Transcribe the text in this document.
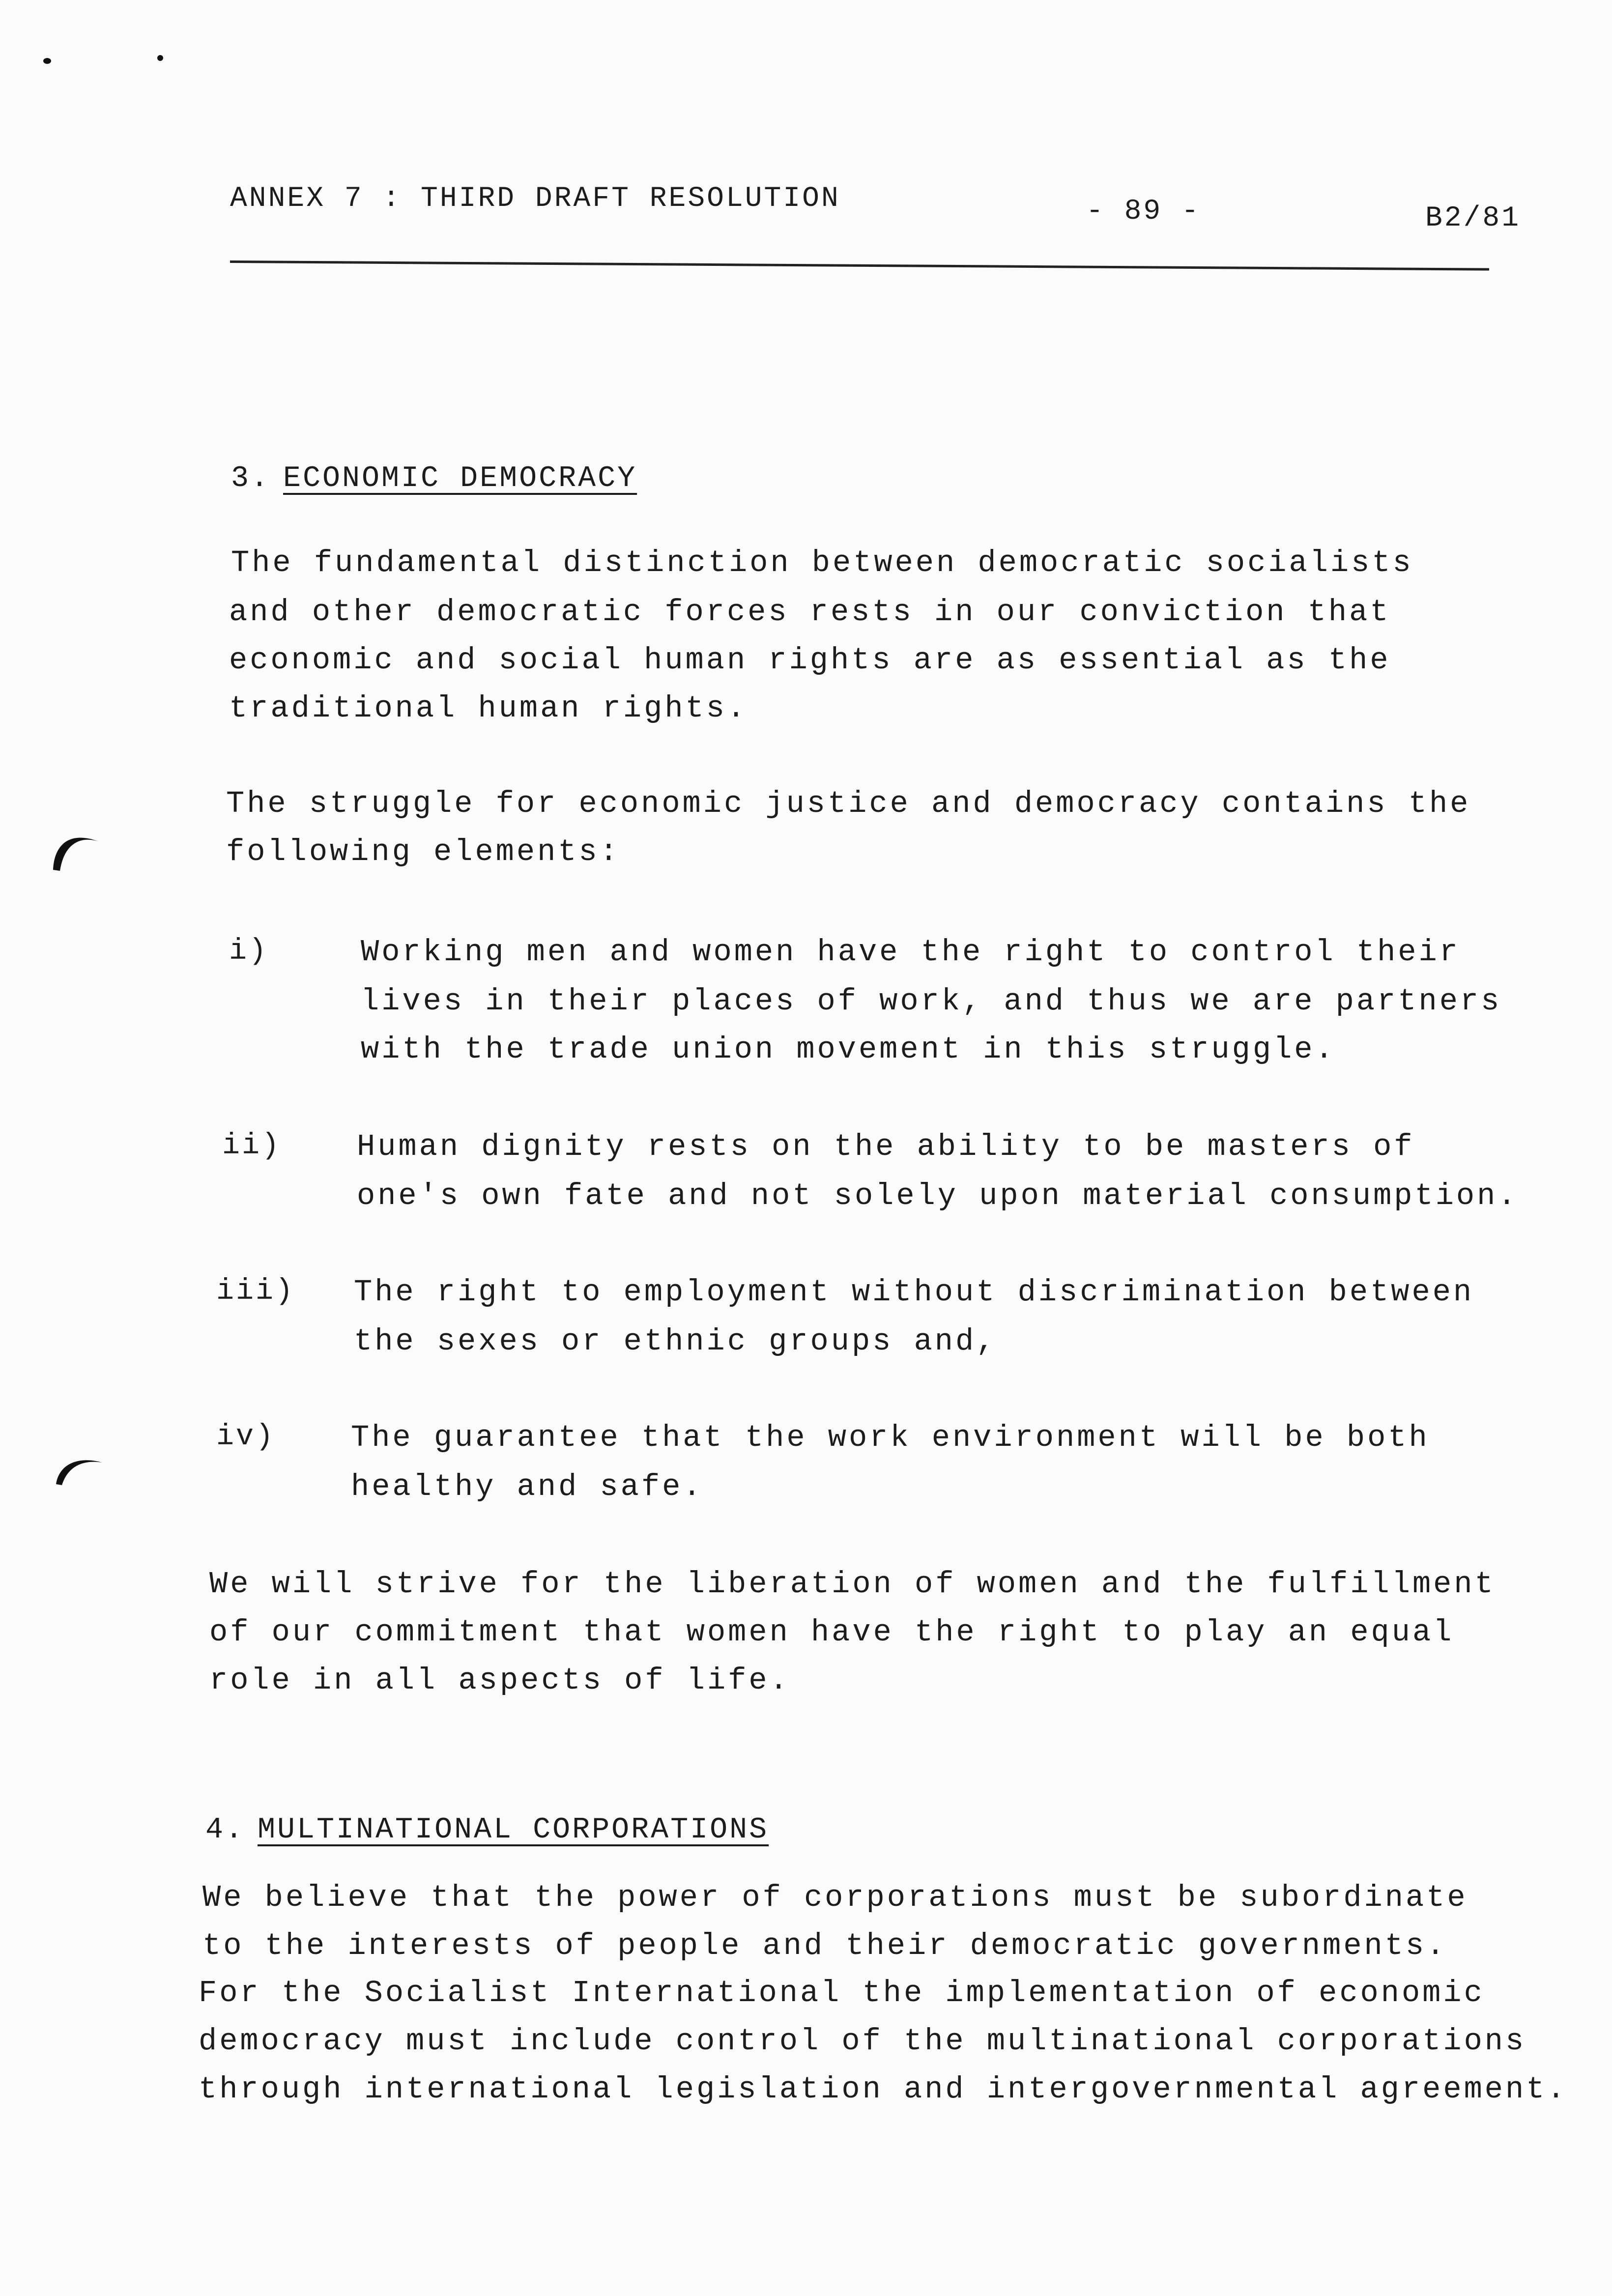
ANNEX 7 : THIRD DRAFT RESOLUTION	- 89 -	B2/81
3. ECONOMIC DEMOCRACY
The fundamental distinction between democratic socialists
and other democratic forces rests in our conviction that
economic and social human rights are as essential as the
traditional human rights.
The struggle for economic justice and democracy contains the
following elements:
i)	Working men and women have the right to control their
lives in their places of work, and thus we are partners
with the trade union movement in this struggle.
ii) Human dignity rests on the ability to be masters of
one's own fate and not solely upon material consumption.
iii) The right to employment without discrimination between
the sexes or ethnic groups and,
iv) The guarantee that the work environment will be both
healthy and safe.
We will strive for the liberation of women and the fulfillment
of our commitment that women have the right to play an equal
role in all aspects of life.
4. MULTINATIONAL CORPORATIONS
We believe that the power of corporations must be subordinate
to the interests of people and their democratic governments.
For the Socialist International the implementation of economic
democracy must include control of the multinational corporations
through international legislation and intergovernmental agreement.
